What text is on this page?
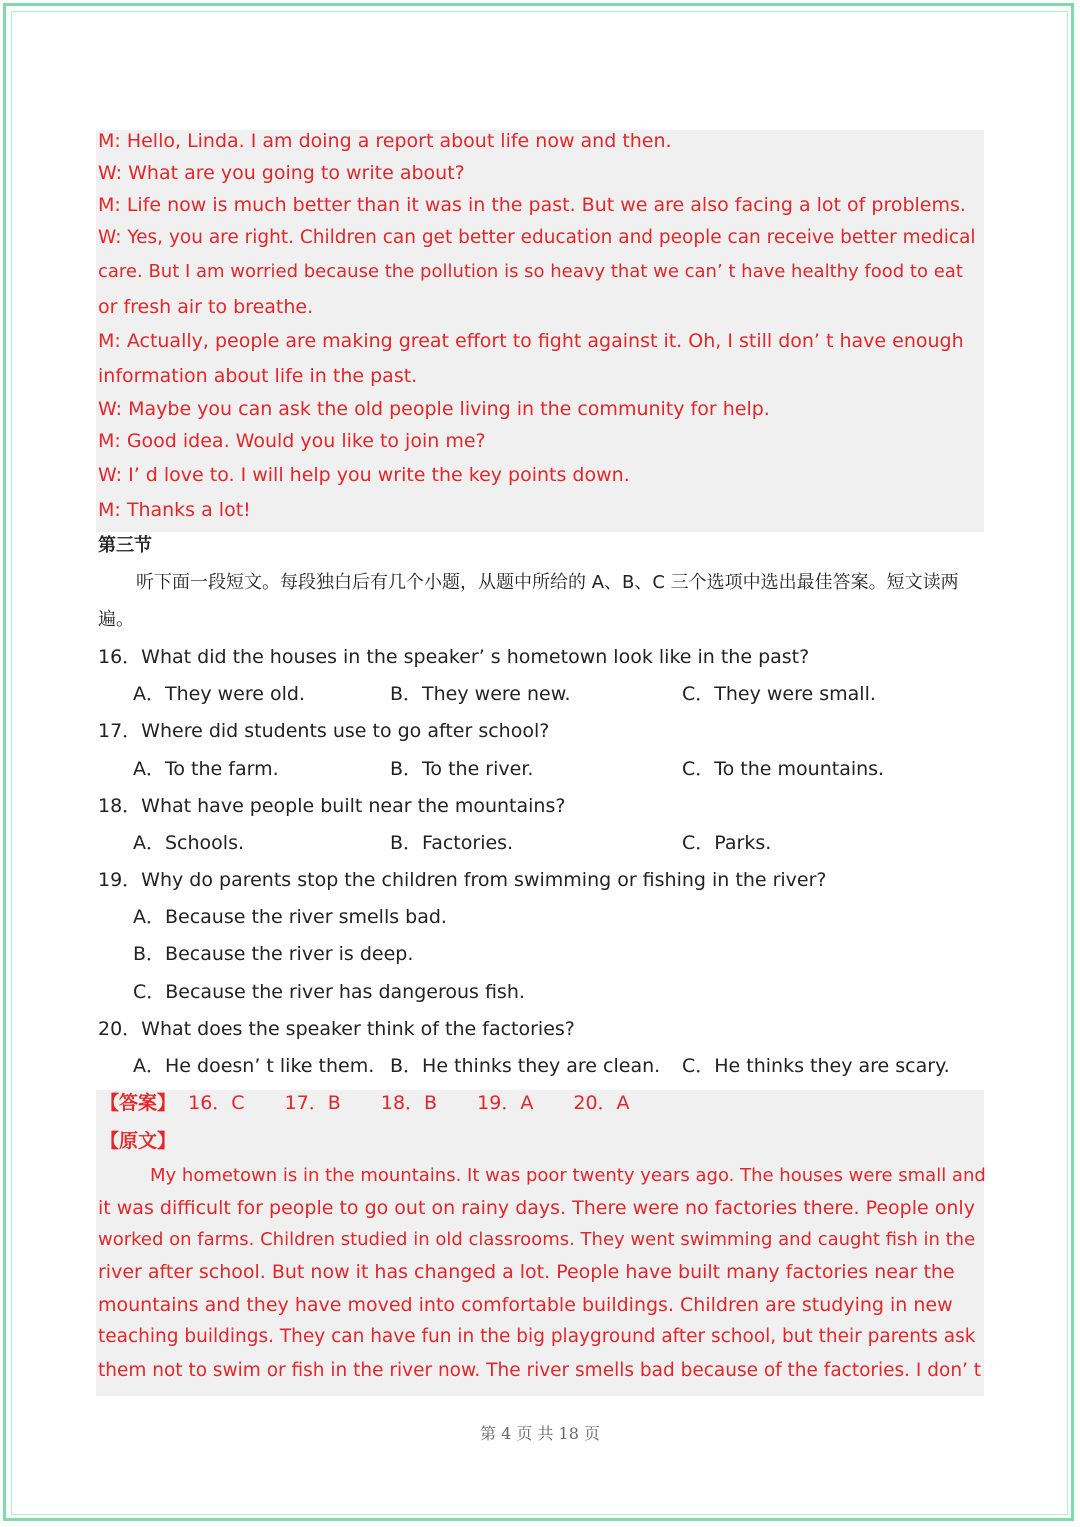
M: Hello, Linda. I am doing a report about life now and then.
W: What are you going to write about?
M: Life now is much better than it was in the past. But we are also facing a lot of problems.
W: Yes, you are right. Children can get better education and people can receive better medical
care. But I am worried because the pollution is so heavy that we can’ t have healthy food to eat
or fresh air to breathe.
M: Actually, people are making great effort to fight against it. Oh, I still don’ t have enough
information about life in the past.
W: Maybe you can ask the old people living in the community for help.
M: Good idea. Would you like to join me?
W: I’ d love to. I will help you write the key points down.
M: Thanks a lot!
第三节
听下面一段短文。每段独白后有几个小题，从题中所给的 A、B、C 三个选项中选出最佳答案。短文读两
遍。
16．What did the houses in the speaker’ s hometown look like in the past?
A．They were old.	B．They were new.	C．They were small.
17．Where did students use to go after school?
A．To the farm.	B．To the river.	C．To the mountains.
18．What have people built near the mountains?
A．Schools.	B．Factories.	C．Parks.
19．Why do parents stop the children from swimming or fishing in the river?
A．Because the river smells bad.
B．Because the river is deep.
C．Because the river has dangerous fish.
20．What does the speaker think of the factories?
A．He doesn’ t like them. B．He thinks they are clean. C．He thinks they are scary.
【答案】 16．C 17．B 18．B 19．A 20．A
【原文】
My hometown is in the mountains. It was poor twenty years ago. The houses were small and
it was difficult for people to go out on rainy days. There were no factories there. People only
worked on farms. Children studied in old classrooms. They went swimming and caught fish in the
river after school. But now it has changed a lot. People have built many factories near the
mountains and they have moved into comfortable buildings. Children are studying in new
teaching buildings. They can have fun in the big playground after school, but their parents ask
them not to swim or fish in the river now. The river smells bad because of the factories. I don’ t
第 4 页 共 18 页
